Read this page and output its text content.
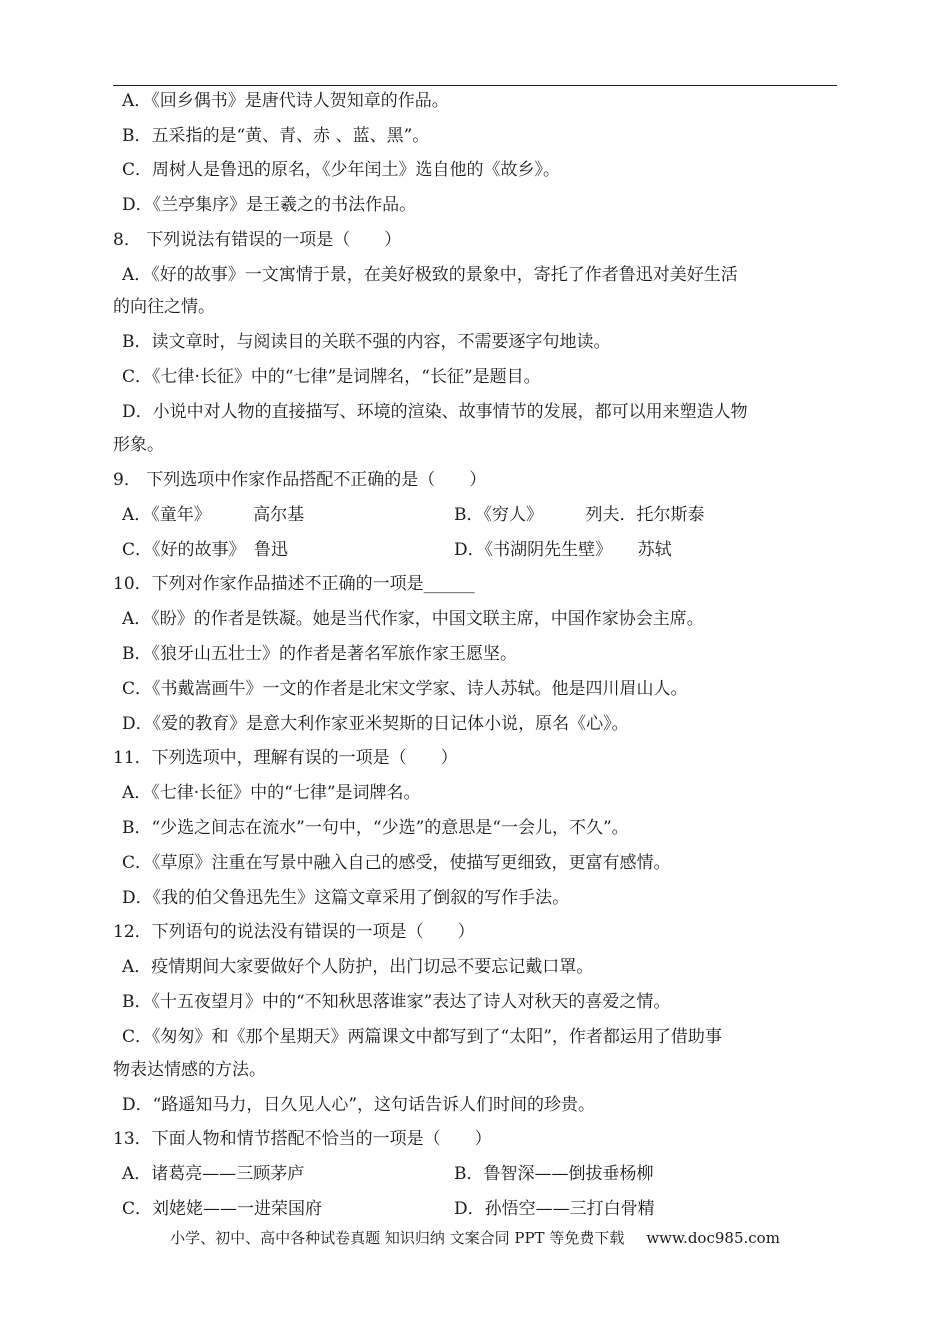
A．《回乡偶书》是唐代诗人贺知章的作品。
B．五采指的是“黄、青、赤 、蓝、黑”。
C．周树人是鲁迅的原名，《少年闰土》选自他的《故乡》。
D．《兰亭集序》是王羲之的书法作品。
8． 下列说法有错误的一项是（　　）
A．《好的故事》一文寓情于景，在美好极致的景象中，寄托了作者鲁迅对美好生活
的向往之情。
B．读文章时，与阅读目的关联不强的内容，不需要逐字句地读。
C．《七律·长征》中的“七律”是词牌名，“长征”是题目。
D．小说中对人物的直接描写、环境的渲染、故事情节的发展，都可以用来塑造人物
形象。
9． 下列选项中作家作品搭配不正确的是（　　）
A．《童年》　　　高尔基	B．《穷人》　　　列夫．托尔斯泰
C．《好的故事》　鲁迅	D．《书湖阴先生壁》　　苏轼
10．下列对作家作品描述不正确的一项是______
A．《盼》的作者是铁凝。她是当代作家，中国文联主席，中国作家协会主席。
B．《狼牙山五壮士》的作者是著名军旅作家王愿坚。
C．《书戴嵩画牛》一文的作者是北宋文学家、诗人苏轼。他是四川眉山人。
D．《爱的教育》是意大利作家亚米契斯的日记体小说，原名《心》。
11．下列选项中，理解有误的一项是（　　）
A．《七律·长征》中的“七律”是词牌名。
B．“少选之间志在流水”一句中，“少选”的意思是“一会儿，不久”。
C．《草原》注重在写景中融入自己的感受，使描写更细致，更富有感情。
D．《我的伯父鲁迅先生》这篇文章采用了倒叙的写作手法。
12．下列语句的说法没有错误的一项是（　　）
A．疫情期间大家要做好个人防护，出门切忌不要忘记戴口罩。
B．《十五夜望月》中的“不知秋思落谁家”表达了诗人对秋天的喜爱之情。
C．《匆匆》和《那个星期天》两篇课文中都写到了“太阳”，作者都运用了借助事
物表达情感的方法。
D．“路遥知马力，日久见人心”，这句话告诉人们时间的珍贵。
13．下面人物和情节搭配不恰当的一项是（　　）
A．诸葛亮——三顾茅庐	B．鲁智深——倒拔垂杨柳
C．刘姥姥——一进荣国府	D．孙悟空——三打白骨精
小学、初中、高中各种试卷真题 知识归纳 文案合同 PPT 等免费下载 www.doc985.com
